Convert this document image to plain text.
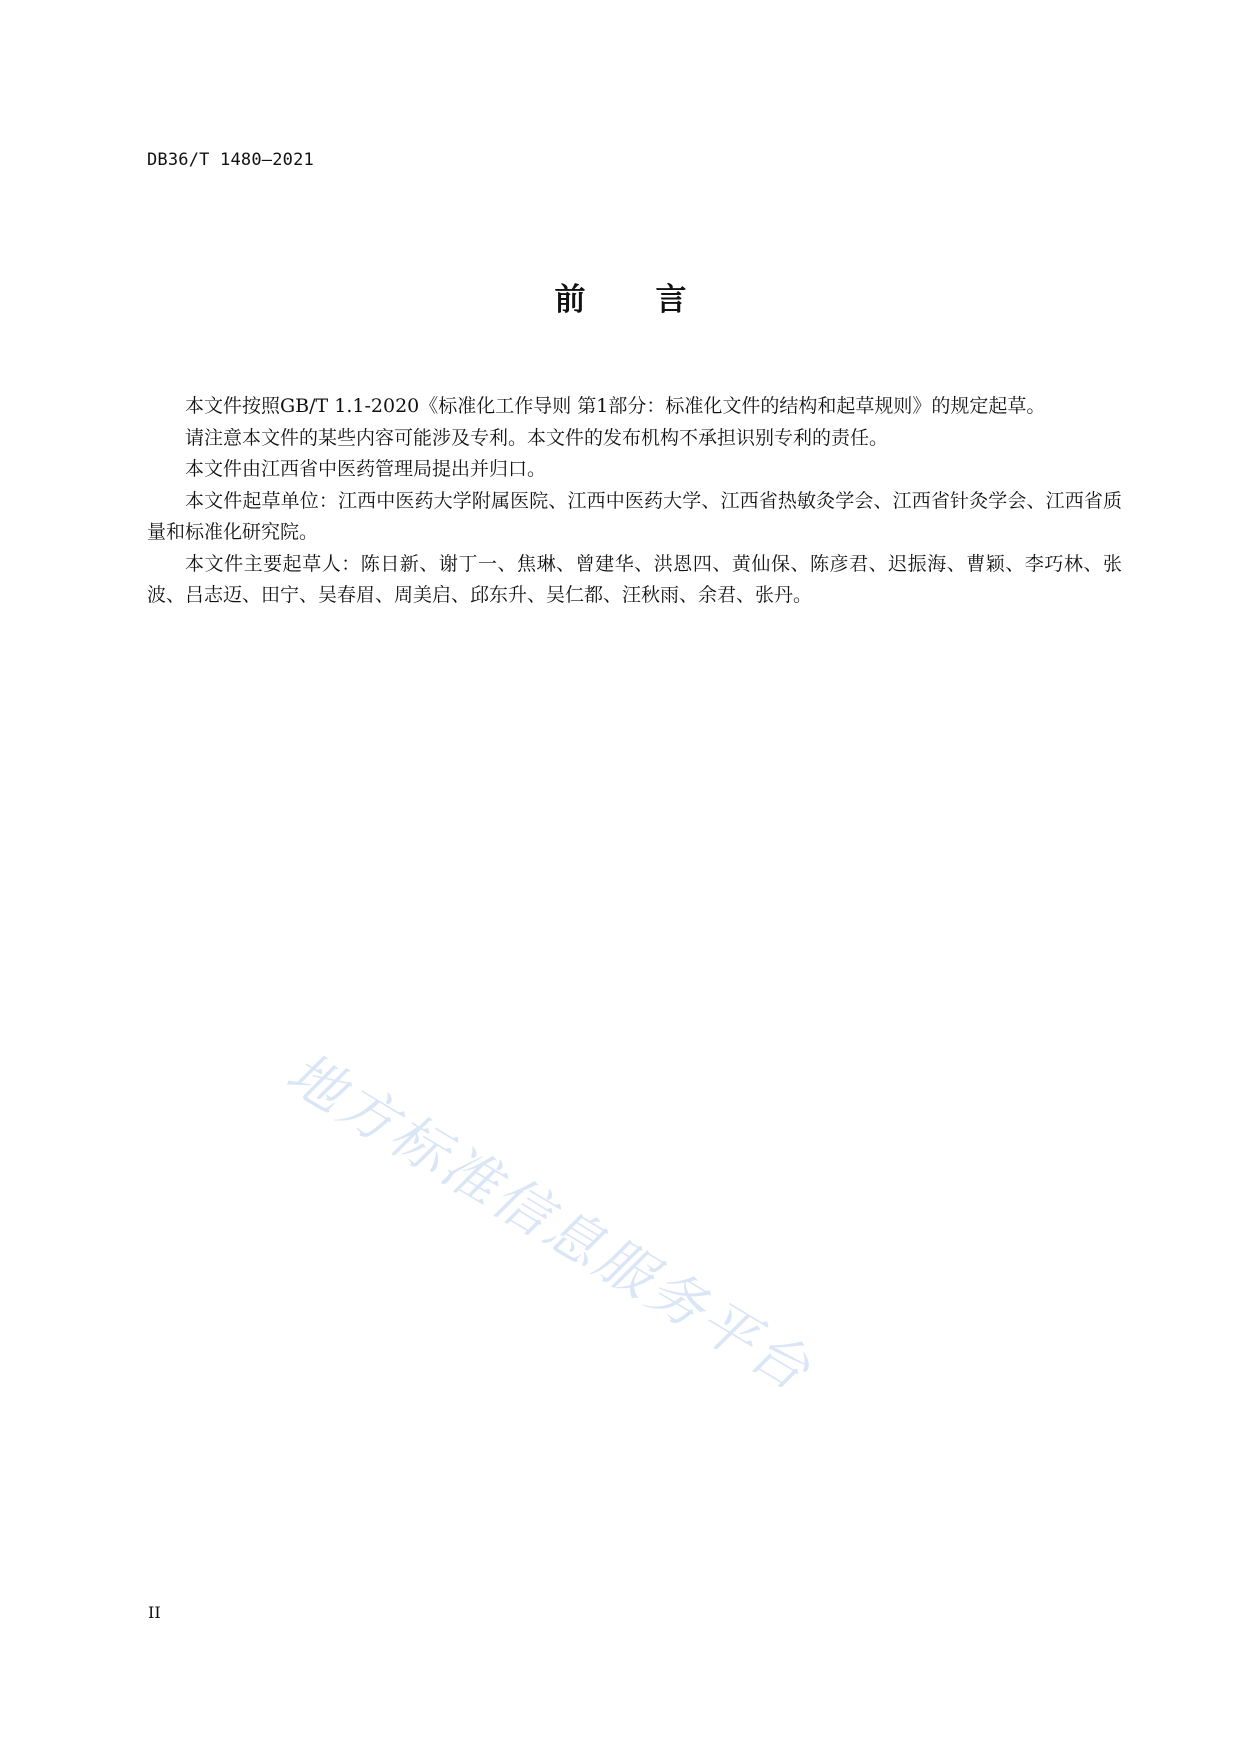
DB36/T 1480—2021
前 言

本文件按照GB/T 1.1-2020《标准化工作导则 第1部分：标准化文件的结构和起草规则》的规定起草。

请注意本文件的某些内容可能涉及专利。本文件的发布机构不承担识别专利的责任。

本文件由江西省中医药管理局提出并归口。

本文件起草单位：江西中医药大学附属医院、江西中医药大学、江西省热敏灸学会、江西省针灸学会、江西省质量和标准化研究院。

本文件主要起草人：陈日新、谢丁一、焦琳、曾建华、洪恩四、黄仙保、陈彦君、迟振海、曹颖、李巧林、张波、吕志迈、田宁、吴春眉、周美启、邱东升、吴仁都、汪秋雨、余君、张丹。

地方标准信息服务平台
II
